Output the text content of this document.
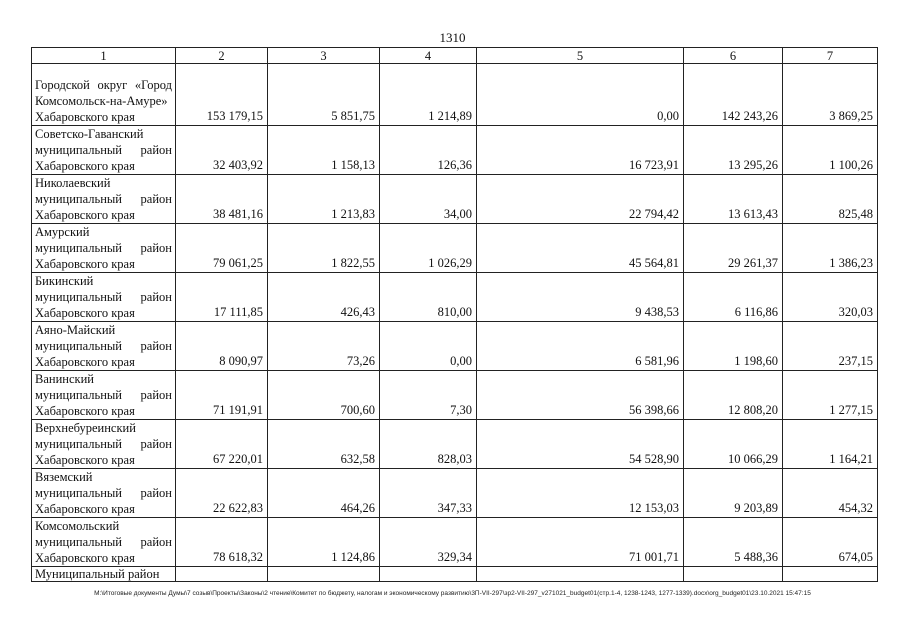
1310
1	2	3	4	5	6	7
Городской округ «Город Комсомольск-на-Амуре» Хабаровского края	153 179,15	5 851,75	1 214,89	0,00	142 243,26	3 869,25
Советско-Гаванский муниципальный район Хабаровского края	32 403,92	1 158,13	126,36	16 723,91	13 295,26	1 100,26
Николаевский муниципальный район Хабаровского края	38 481,16	1 213,83	34,00	22 794,42	13 613,43	825,48
Амурский муниципальный район Хабаровского края	79 061,25	1 822,55	1 026,29	45 564,81	29 261,37	1 386,23
Бикинский муниципальный район Хабаровского края	17 111,85	426,43	810,00	9 438,53	6 116,86	320,03
Аяно-Майский муниципальный район Хабаровского края	8 090,97	73,26	0,00	6 581,96	1 198,60	237,15
Ванинский муниципальный район Хабаровского края	71 191,91	700,60	7,30	56 398,66	12 808,20	1 277,15
Верхнебуреинский муниципальный район Хабаровского края	67 220,01	632,58	828,03	54 528,90	10 066,29	1 164,21
Вяземский муниципальный район Хабаровского края	22 622,83	464,26	347,33	12 153,03	9 203,89	454,32
Комсомольский муниципальный район Хабаровского края	78 618,32	1 124,86	329,34	71 001,71	5 488,36	674,05
Муниципальный район						
M:\Итоговые документы Думы\7 созыв\Проекты\Законы\2 чтение\Комитет по бюджету, налогам и экономическому развитию\3П-VII-297\зр2-VII-297_v271021_budget01(стр.1-4, 1238-1243, 1277-1339).docx\org_budget01\23.10.2021 15:47:15
